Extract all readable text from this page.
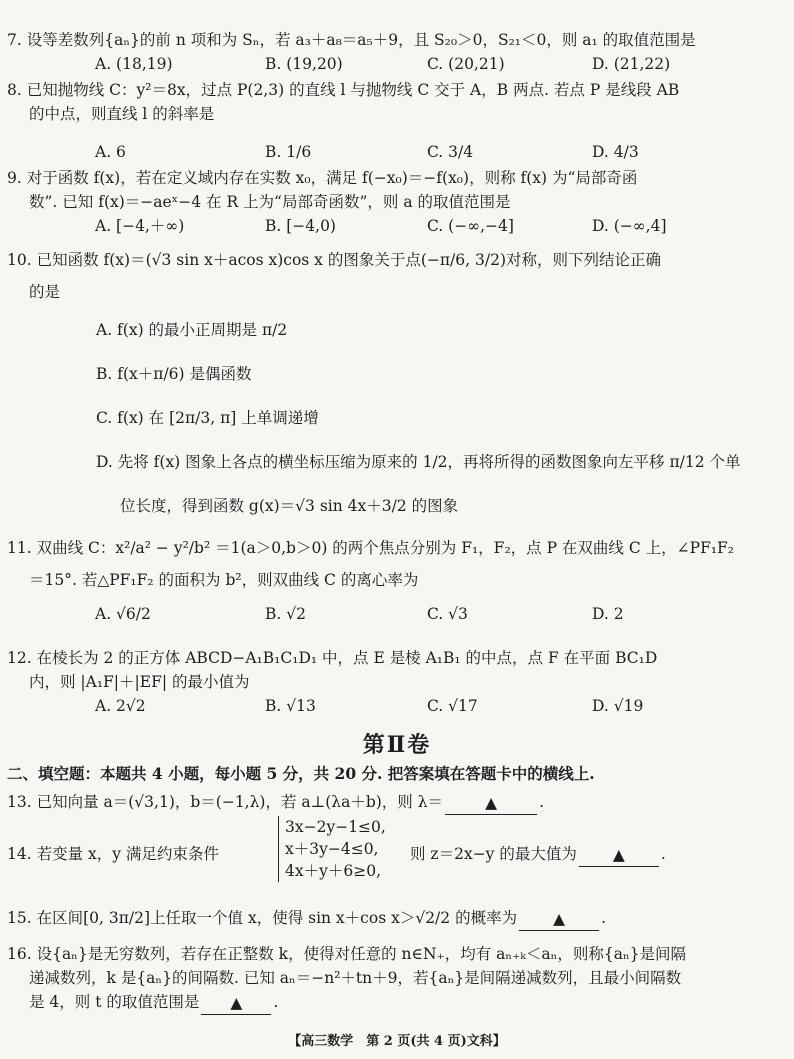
7. 设等差数列{aₙ}的前 n 项和为 Sₙ，若 a₃＋a₈＝a₅＋9，且 S₂₀＞0，S₂₁＜0，则 a₁ 的取值范围是
A. (18,19)	B. (19,20)	C. (20,21)	D. (21,22)
8. 已知抛物线 C：y²＝8x，过点 P(2,3) 的直线 l 与抛物线 C 交于 A，B 两点. 若点 P 是线段 AB
的中点，则直线 l 的斜率是
A. 6	B. 1/6	C. 3/4	D. 4/3
9. 对于函数 f(x)，若在定义域内存在实数 x₀，满足 f(−x₀)＝−f(x₀)，则称 f(x) 为“局部奇函
数”. 已知 f(x)＝−aeˣ−4 在 R 上为“局部奇函数”，则 a 的取值范围是
A. [−4,＋∞)	B. [−4,0)	C. (−∞,−4]	D. (−∞,4]
10. 已知函数 f(x)＝(√3 sin x＋acos x)cos x 的图象关于点(−π/6, 3/2)对称，则下列结论正确
的是
A. f(x) 的最小正周期是 π/2
B. f(x＋π/6) 是偶函数
C. f(x) 在 [2π/3, π] 上单调递增
D. 先将 f(x) 图象上各点的横坐标压缩为原来的 1/2，再将所得的函数图象向左平移 π/12 个单
位长度，得到函数 g(x)＝√3 sin 4x＋3/2 的图象
11. 双曲线 C：x²/a² − y²/b² ＝1(a＞0,b＞0) 的两个焦点分别为 F₁，F₂，点 P 在双曲线 C 上，∠PF₁F₂
＝15°. 若△PF₁F₂ 的面积为 b²，则双曲线 C 的离心率为
A. √6/2	B. √2	C. √3	D. 2
12. 在棱长为 2 的正方体 ABCD−A₁B₁C₁D₁ 中，点 E 是棱 A₁B₁ 的中点，点 F 在平面 BC₁D
内，则 |A₁F|＋|EF| 的最小值为
A. 2√2	B. √13	C. √17	D. √19
第Ⅱ卷
二、填空题：本题共 4 小题，每小题 5 分，共 20 分. 把答案填在答题卡中的横线上.
13. 已知向量 a＝(√3,1)，b＝(−1,λ)，若 a⊥(λa＋b)，则 λ＝	▲	.
14. 若变量 x，y 满足约束条件
3x−2y−1≤0,
x＋3y−4≤0,
4x＋y＋6≥0,
则 z＝2x−y 的最大值为 ▲ .
15. 在区间[0, 3π/2]上任取一个值 x，使得 sin x＋cos x＞√2/2 的概率为 ▲ .
16. 设{aₙ}是无穷数列，若存在正整数 k，使得对任意的 n∈N₊，均有 aₙ₊ₖ＜aₙ，则称{aₙ}是间隔
递减数列，k 是{aₙ}的间隔数. 已知 aₙ＝−n²＋tn＋9，若{aₙ}是间隔递减数列，且最小间隔数
是 4，则 t 的取值范围是 ▲ .
【高三数学　第 2 页(共 4 页)文科】
